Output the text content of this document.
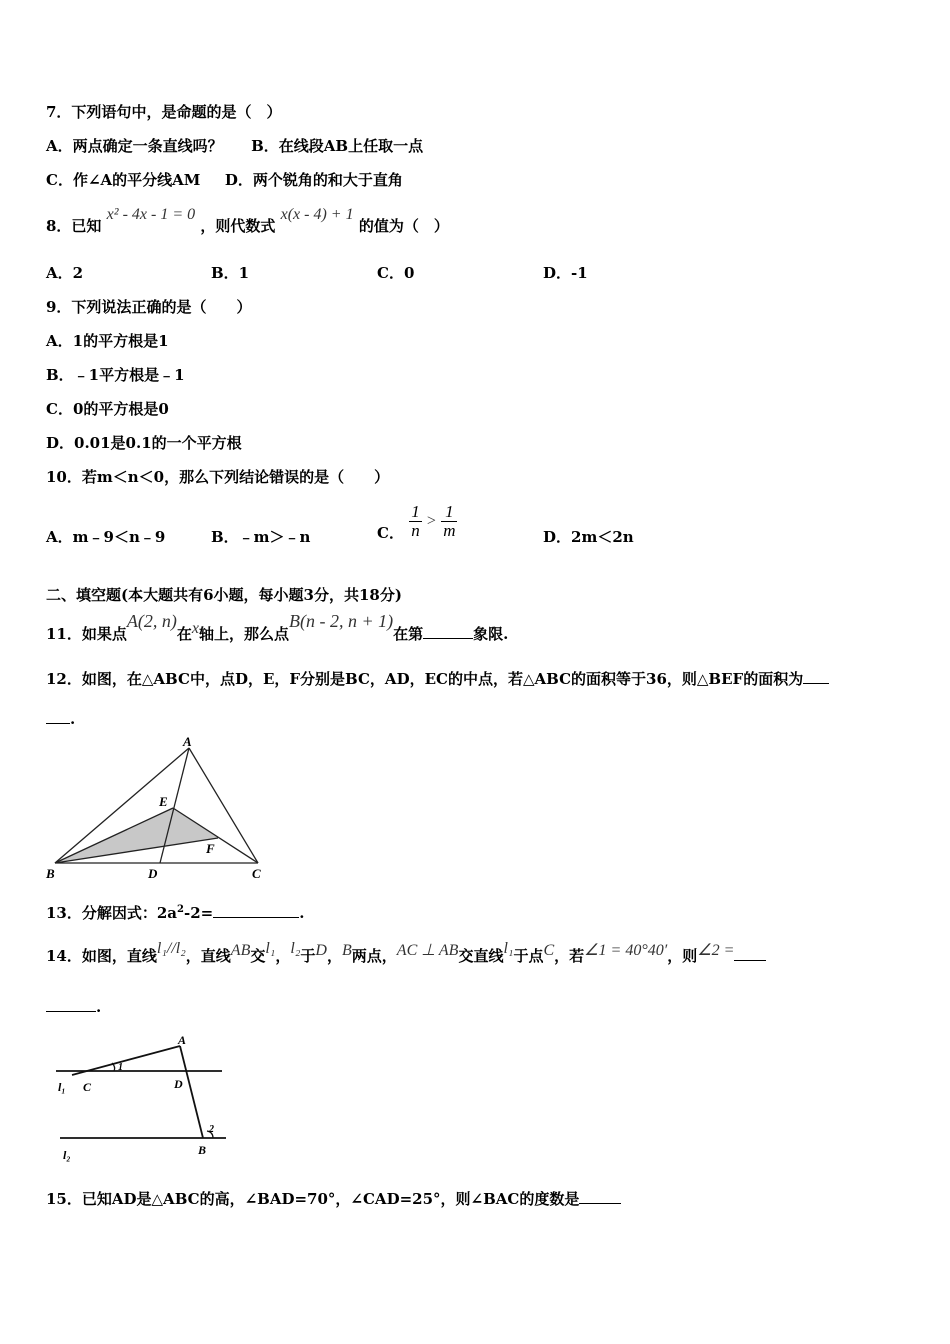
7．下列语句中，是命题的是（　）
A．两点确定一条直线吗？ B．在线段AB上任取一点
C．作∠A的平分线AM D．两个锐角的和大于直角
8．已知 x² - 4x - 1 = 0 ，则代数式 x(x - 4) + 1 的值为（　）
A．2	B．1	C．0	D．-1
9．下列说法正确的是（　　）
A．1的平方根是1
B．﹣1平方根是﹣1
C．0的平方根是0
D．0.01是0.1的一个平方根
10．若m＜n＜0，那么下列结论错误的是（　　）
A．m﹣9＜n﹣9	B．﹣m＞﹣n	C． $\frac{1}{n} > \frac{1}{m}$	D．2m＜2n
二、填空题(本大题共有6小题，每小题3分，共18分)
11．如果点A(2, n)在x轴上，那么点B(n - 2, n + 1)在第	象限.
12．如图，在△ABC中，点D，E，F分别是BC，AD，EC的中点，若△ABC的面积等于36，则△BEF的面积为
.
A
E
F
B	D	C
13．分解因式：$2a^2-2=$	.
14．如图，直线l₁//l₂，直线AB交l₁，l₂于D，B两点，AC ⊥ AB交直线l₁于点C，若∠1 = 40°40′，则∠2 =
.
A
l₁ C
1
D
2
B
l₂
15．已知AD是△ABC的高，∠BAD=70°，∠CAD=25°，则∠BAC的度数是
